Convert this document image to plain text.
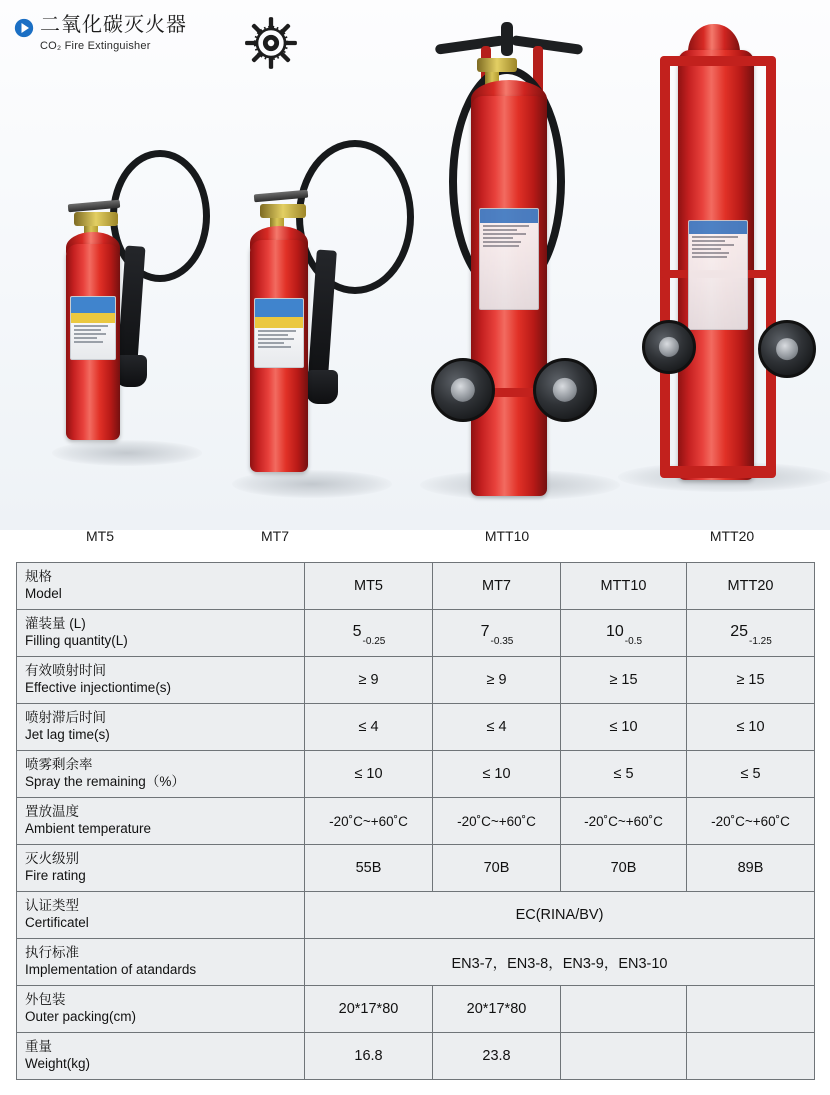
二氧化碳灭火器
CO₂ Fire Extinguisher
MT5	MT7	MTT10	MTT20
规格
Model	MT5	MT7	MTT10	MTT20

灌装量 (L)
Filling quantity(L)	$5_{-0.25}$	$7_{-0.35}$	$10_{-0.5}$	$25_{-1.25}$

有效喷射时间
Effective injectiontime(s)	≥ 9	≥ 9	≥ 15	≥ 15

喷射滞后时间
Jet lag time(s)	≤ 4	≤ 4	≤ 10	≤ 10

喷雾剩余率
Spray the remaining（%）	≤ 10	≤ 10	≤ 5	≤ 5

置放温度
Ambient temperature	-20˚C~+60˚C	-20˚C~+60˚C	-20˚C~+60˚C	-20˚C~+60˚C

灭火级别
Fire rating	55B	70B	70B	89B

认证类型
Certificatel	EC(RINA/BV)			

执行标准
Implementation of atandards	EN3-7，EN3-8，EN3-9，EN3-10			

外包装
Outer packing(cm)	20*17*80	20*17*80		

重量
Weight(kg)	16.8	23.8		
